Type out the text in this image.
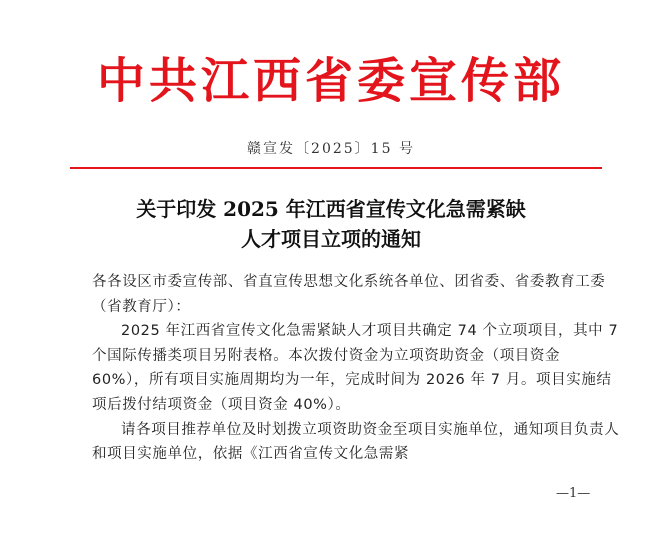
中共江西省委宣传部
赣宣发〔2025〕15 号
关于印发 2025 年江西省宣传文化急需紧缺
人才项目立项的通知

各各设区市委宣传部、省直宣传思想文化系统各单位、团省委、省委教育工委（省教育厅）：

2025 年江西省宣传文化急需紧缺人才项目共确定 74 个立项项目，其中 7 个国际传播类项目另附表格。本次拨付资金为立项资助资金（项目资金 60%），所有项目实施周期均为一年，完成时间为 2026 年 7 月。项目实施结项后拨付结项资金（项目资金 40%）。

请各项目推荐单位及时划拨立项资助资金至项目实施单位，通知项目负责人和项目实施单位，依据《江西省宣传文化急需紧

—1—
